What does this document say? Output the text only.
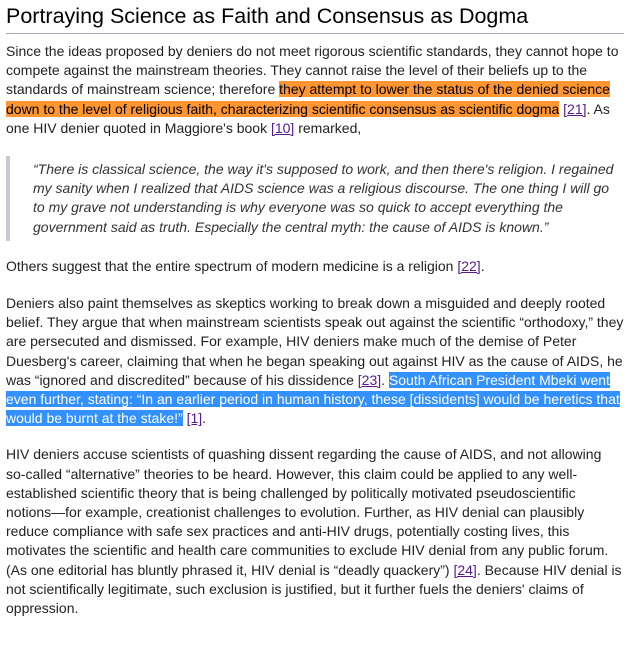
Portraying Science as Faith and Consensus as Dogma

Since the ideas proposed by deniers do not meet rigorous scientific standards, they cannot hope to compete against the mainstream theories. They cannot raise the level of their beliefs up to the standards of mainstream science; therefore they attempt to lower the status of the denied science down to the level of religious faith, characterizing scientific consensus as scientific dogma [21]. As one HIV denier quoted in Maggiore's book [10] remarked,

“There is classical science, the way it's supposed to work, and then there's religion. I regained my sanity when I realized that AIDS science was a religious discourse. The one thing I will go to my grave not understanding is why everyone was so quick to accept everything the government said as truth. Especially the central myth: the cause of AIDS is known.”

Others suggest that the entire spectrum of modern medicine is a religion [22].

Deniers also paint themselves as skeptics working to break down a misguided and deeply rooted belief. They argue that when mainstream scientists speak out against the scientific “orthodoxy,” they are persecuted and dismissed. For example, HIV deniers make much of the demise of Peter Duesberg's career, claiming that when he began speaking out against HIV as the cause of AIDS, he was “ignored and discredited” because of his dissidence [23]. South African President Mbeki went even further, stating: “In an earlier period in human history, these [dissidents] would be heretics that would be burnt at the stake!” [1].

HIV deniers accuse scientists of quashing dissent regarding the cause of AIDS, and not allowing so-called “alternative” theories to be heard. However, this claim could be applied to any well-established scientific theory that is being challenged by politically motivated pseudoscientific notions—for example, creationist challenges to evolution. Further, as HIV denial can plausibly reduce compliance with safe sex practices and anti-HIV drugs, potentially costing lives, this motivates the scientific and health care communities to exclude HIV denial from any public forum. (As one editorial has bluntly phrased it, HIV denial is “deadly quackery”) [24]. Because HIV denial is not scientifically legitimate, such exclusion is justified, but it further fuels the deniers' claims of oppression.
